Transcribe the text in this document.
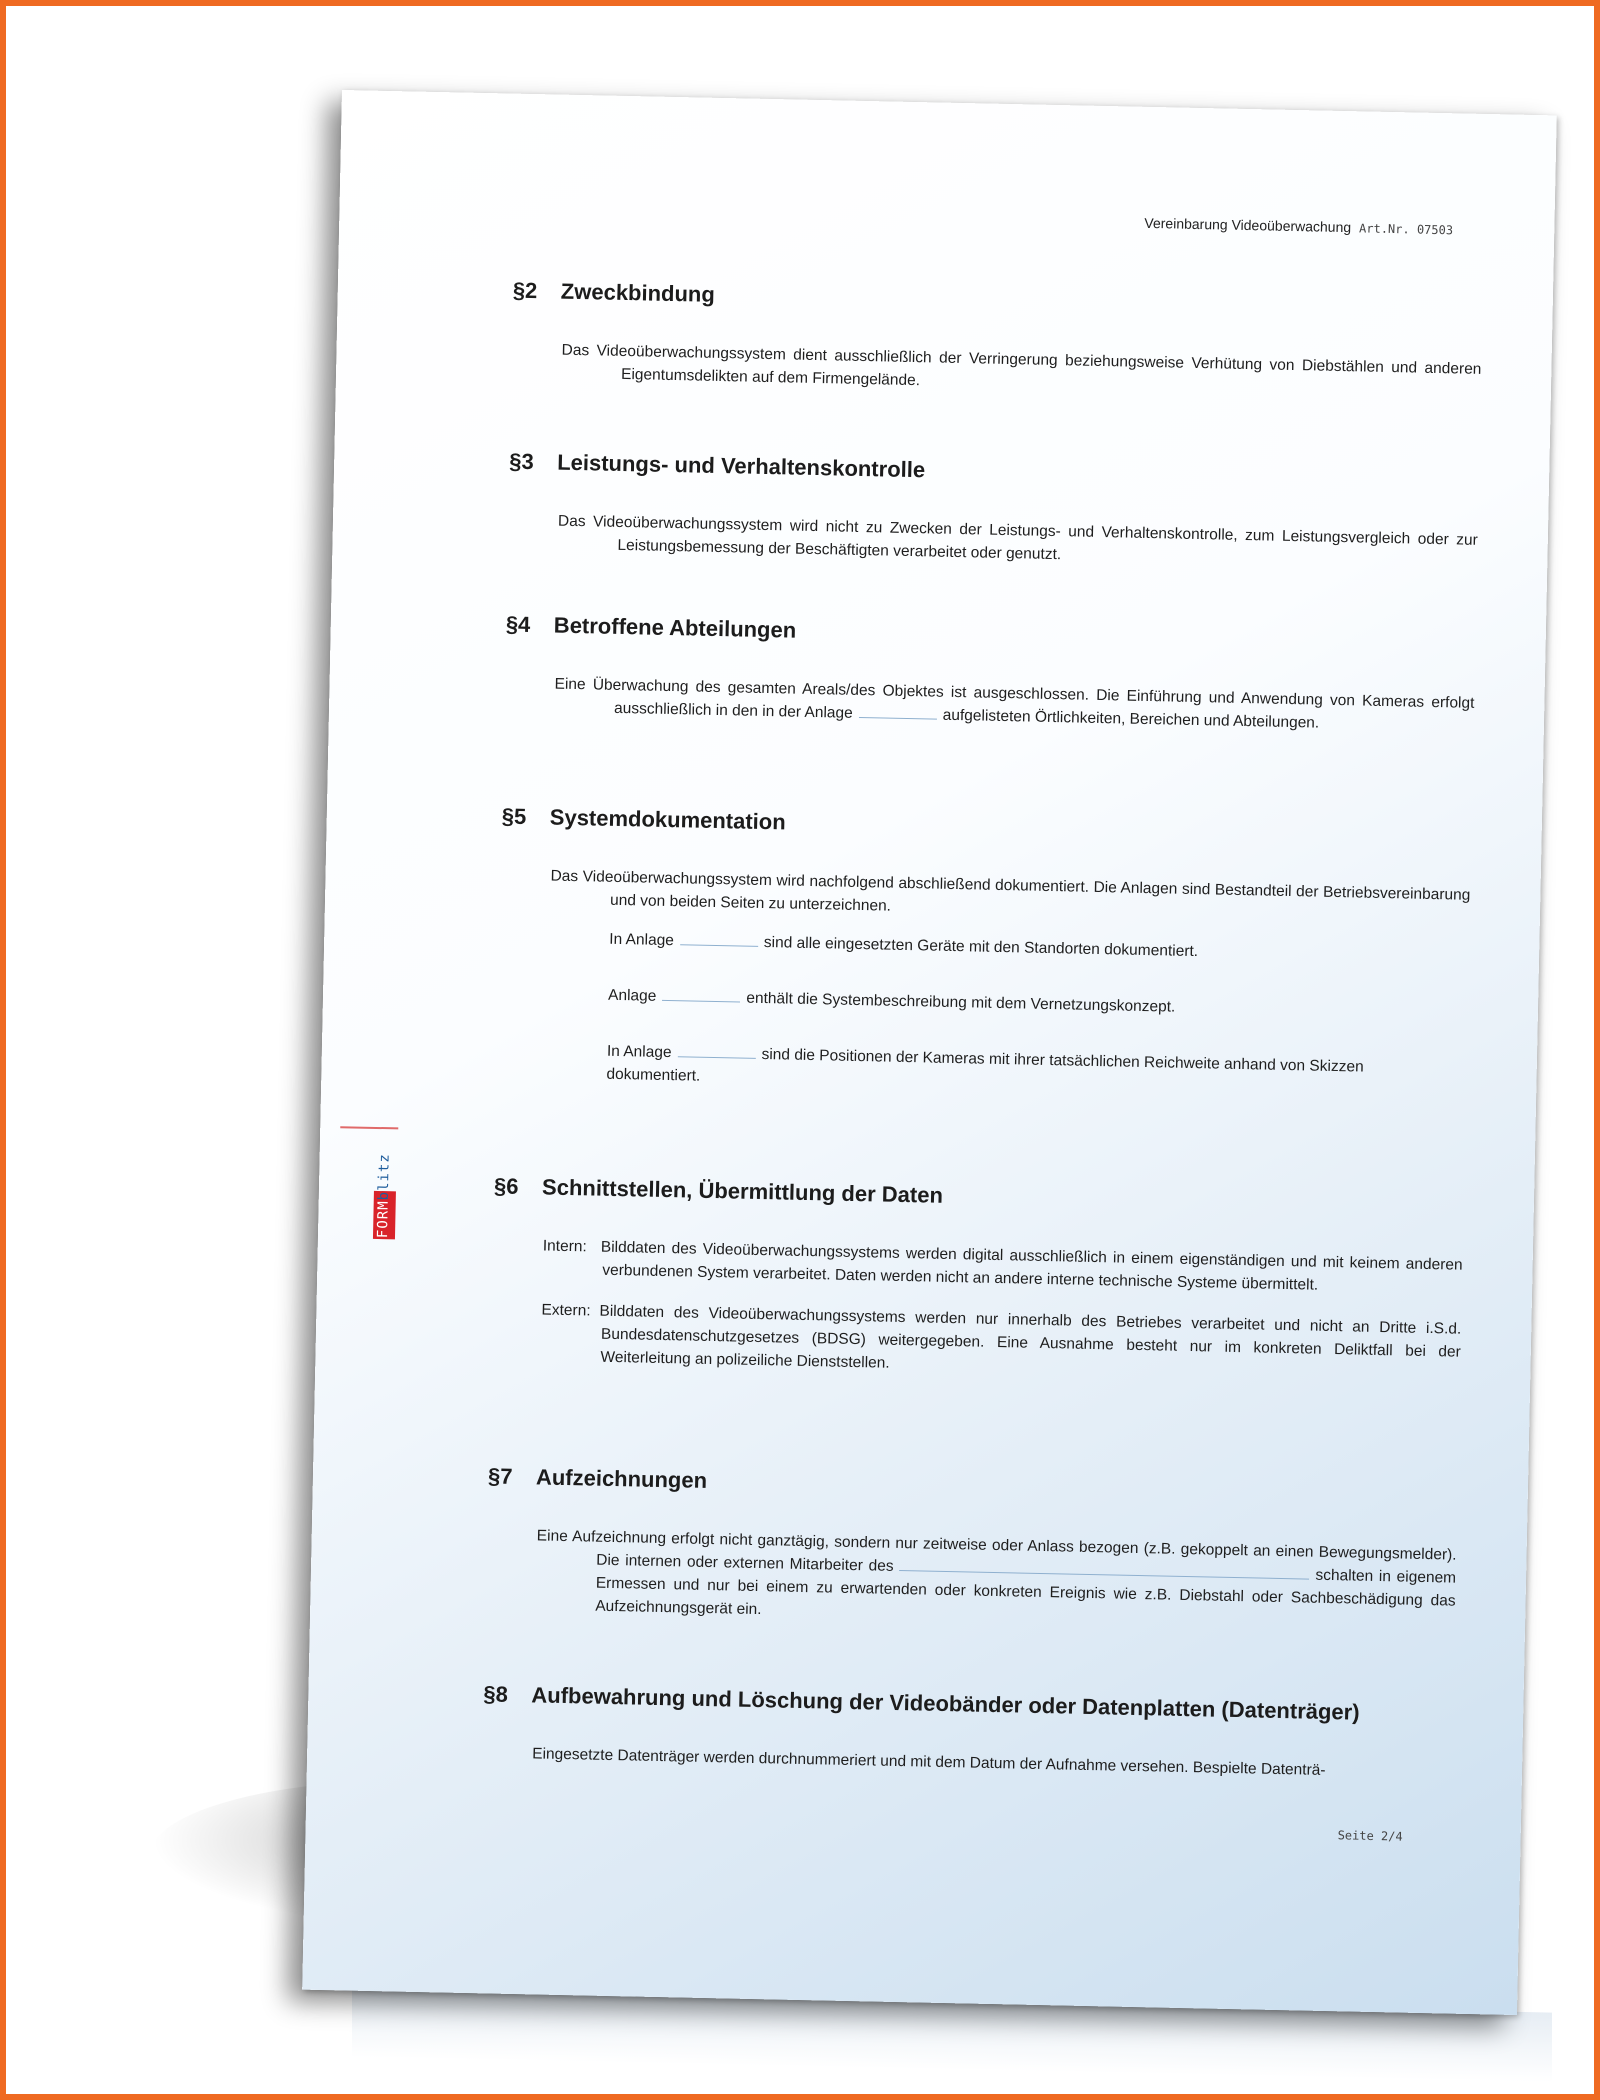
Vereinbarung Videoüberwachung Art.Nr. 07503
FORMblitz
§2 Zweckbindung
Das Videoüberwachungssystem dient ausschließlich der Verringerung beziehungsweise Verhütung von Diebstählen und anderen Eigentumsdelikten auf dem Firmengelände.
§3 Leistungs- und Verhaltenskontrolle
Das Videoüberwachungssystem wird nicht zu Zwecken der Leistungs- und Verhaltenskontrolle, zum Leistungsvergleich oder zur Leistungsbemessung der Beschäftigten verarbeitet oder genutzt.
§4 Betroffene Abteilungen
Eine Überwachung des gesamten Areals/des Objektes ist ausgeschlossen. Die Einführung und Anwendung von Kameras erfolgt ausschließlich in den in der Anlage	aufgelisteten Örtlichkeiten, Bereichen und Abteilungen.
§5 Systemdokumentation
Das Videoüberwachungssystem wird nachfolgend abschließend dokumentiert. Die Anlagen sind Bestandteil der Betriebsvereinbarung und von beiden Seiten zu unterzeichnen.
In Anlage	sind alle eingesetzten Geräte mit den Standorten dokumentiert.
Anlage	enthält die Systembeschreibung mit dem Vernetzungskonzept.
In Anlage	sind die Positionen der Kameras mit ihrer tatsächlichen Reichweite anhand von Skizzen dokumentiert.
§6 Schnittstellen, Übermittlung der Daten
Intern: Bilddaten des Videoüberwachungssystems werden digital ausschließlich in einem eigenständigen und mit keinem anderen verbundenen System verarbeitet. Daten werden nicht an andere interne technische Systeme übermittelt.
Extern: Bilddaten des Videoüberwachungssystems werden nur innerhalb des Betriebes verarbeitet und nicht an Dritte i.S.d. Bundesdatenschutzgesetzes (BDSG) weitergegeben. Eine Ausnahme besteht nur im konkreten Deliktfall bei der Weiterleitung an polizeiliche Dienststellen.
§7 Aufzeichnungen
Eine Aufzeichnung erfolgt nicht ganztägig, sondern nur zeitweise oder Anlass bezogen (z.B. gekoppelt an einen Bewegungsmelder). Die internen oder externen Mitarbeiter desschalten in eigenem Ermessen und nur bei einem zu erwartenden oder konkreten Ereignis wie z.B. Diebstahl oder Sachbeschädigung das Aufzeichnungsgerät ein.
§8 Aufbewahrung und Löschung der Videobänder oder Datenplatten (Datenträger)
Eingesetzte Datenträger werden durchnummeriert und mit dem Datum der Aufnahme versehen. Bespielte Datenträ-
Seite 2/4
